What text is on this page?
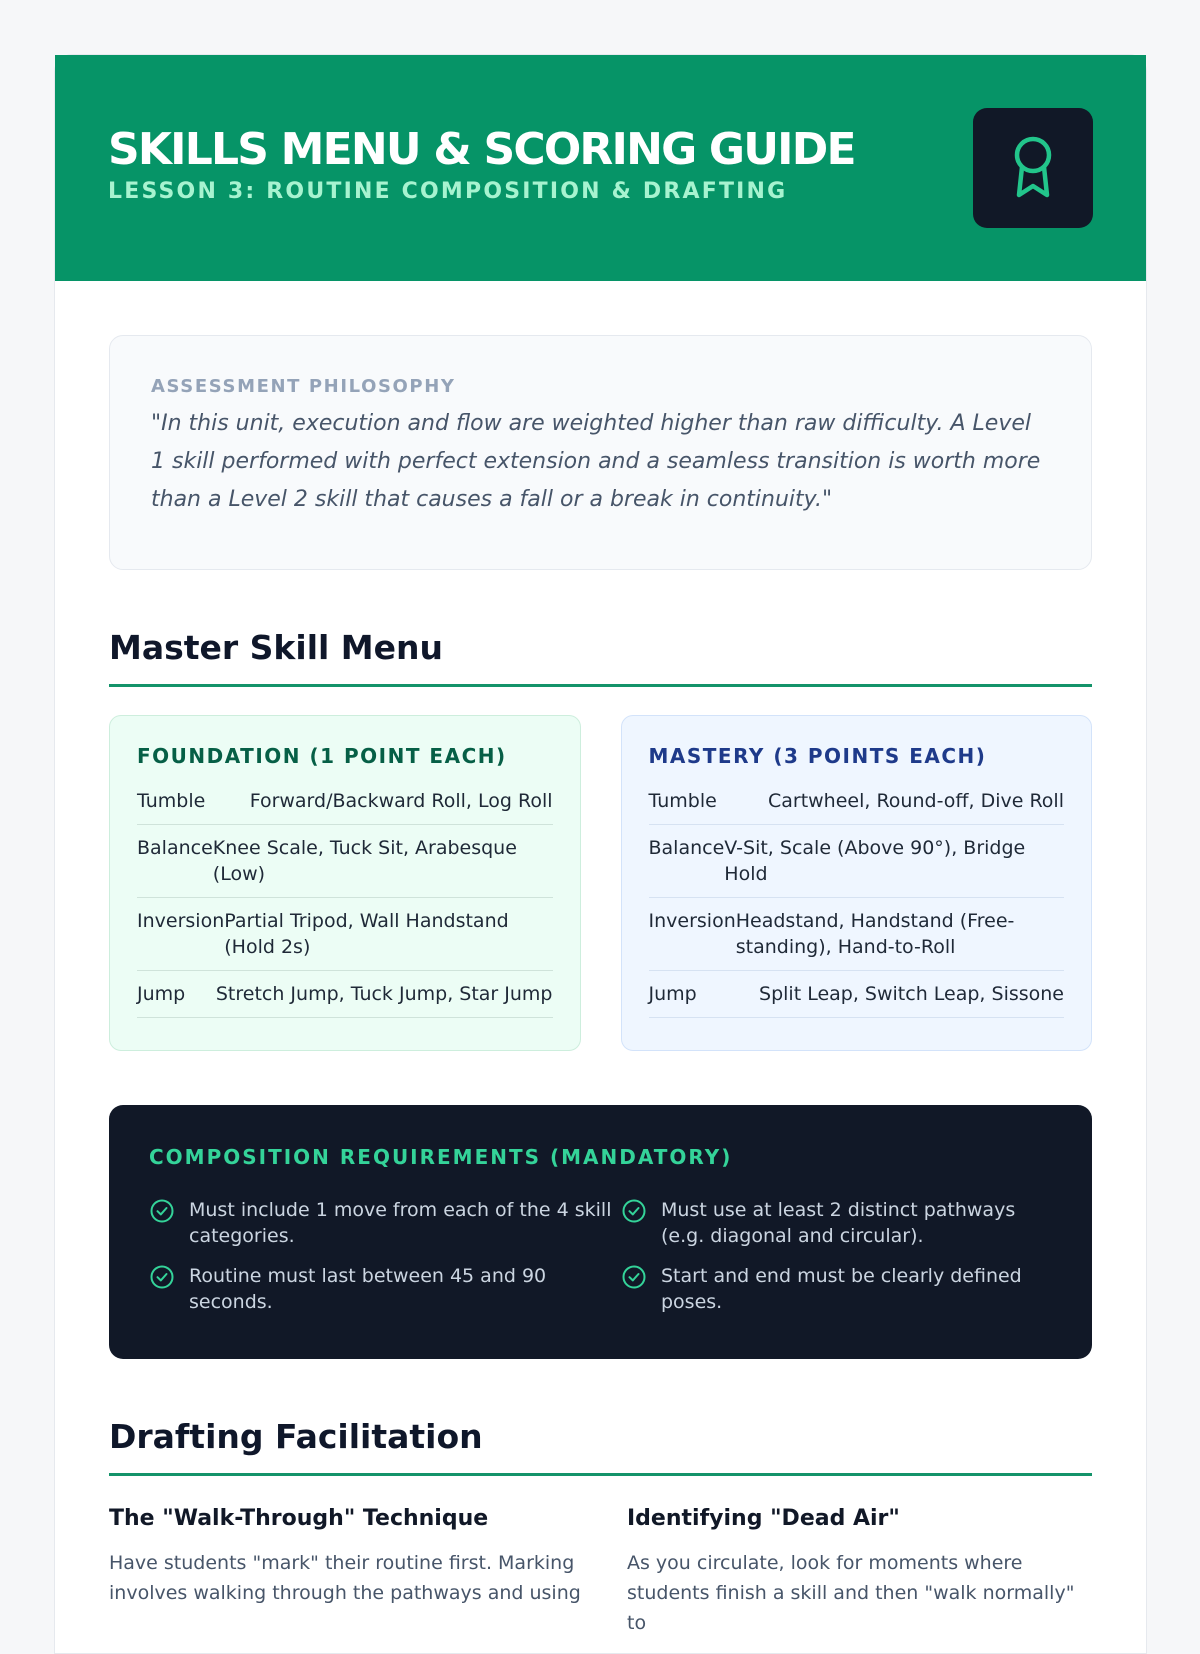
SKILLS MENU & SCORING GUIDE
LESSON 3: ROUTINE COMPOSITION & DRAFTING
ASSESSMENT PHILOSOPHY
"In this unit, execution and flow are weighted higher than raw difficulty. A Level 1 skill performed with perfect extension and a seamless transition is worth more than a Level 2 skill that causes a fall or a break in continuity."
Master Skill Menu
FOUNDATION (1 POINT EACH)
Tumble	Forward/Backward Roll, Log Roll
Balance Knee Scale, Tuck Sit, Arabesque (Low)
Inversion Partial Tripod, Wall Handstand (Hold 2s)
Jump	Stretch Jump, Tuck Jump, Star Jump
MASTERY (3 POINTS EACH)
Tumble	Cartwheel, Round-off, Dive Roll
Balance V-Sit, Scale (Above 90°), Bridge Hold
Inversion Headstand, Handstand (Free-standing), Hand-to-Roll
Jump	Split Leap, Switch Leap, Sissone
COMPOSITION REQUIREMENTS (MANDATORY)
Must include 1 move from each of the 4 skill categories.
Must use at least 2 distinct pathways (e.g. diagonal and circular).
Routine must last between 45 and 90 seconds.
Start and end must be clearly defined poses.
Drafting Facilitation
The "Walk-Through" Technique
Have students "mark" their routine first. Marking involves walking through the pathways and using
Identifying "Dead Air"
As you circulate, look for moments where students finish a skill and then "walk normally" to
